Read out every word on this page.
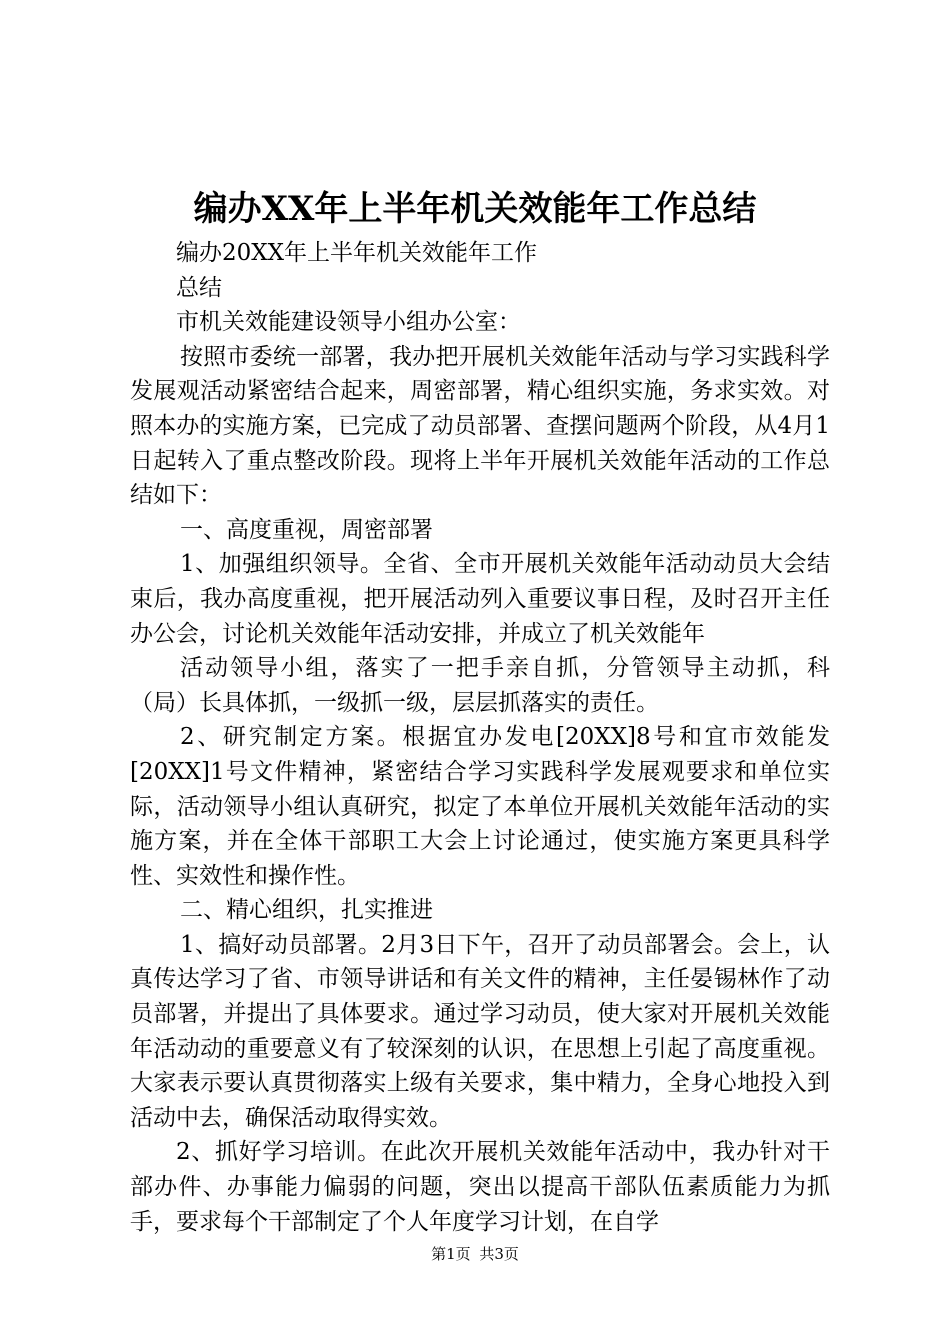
编办XX年上半年机关效能年工作总结

编办20XX年上半年机关效能年工作

总结

市机关效能建设领导小组办公室：

按照市委统一部署，我办把开展机关效能年活动与学习实践科学发展观活动紧密结合起来，周密部署，精心组织实施，务求实效。对照本办的实施方案，已完成了动员部署、查摆问题两个阶段，从4月1日起转入了重点整改阶段。现将上半年开展机关效能年活动的工作总结如下：

一、高度重视，周密部署

1、加强组织领导。全省、全市开展机关效能年活动动员大会结束后，我办高度重视，把开展活动列入重要议事日程，及时召开主任办公会，讨论机关效能年活动安排，并成立了机关效能年

活动领导小组，落实了一把手亲自抓，分管领导主动抓，科（局）长具体抓，一级抓一级，层层抓落实的责任。

2、研究制定方案。根据宜办发电[20XX]8号和宜市效能发[20XX]1号文件精神，紧密结合学习实践科学发展观要求和单位实际，活动领导小组认真研究，拟定了本单位开展机关效能年活动的实施方案，并在全体干部职工大会上讨论通过，使实施方案更具科学性、实效性和操作性。

二、精心组织，扎实推进

1、搞好动员部署。2月3日下午，召开了动员部署会。会上，认真传达学习了省、市领导讲话和有关文件的精神，主任晏锡林作了动员部署，并提出了具体要求。通过学习动员，使大家对开展机关效能年活动动的重要意义有了较深刻的认识，在思想上引起了高度重视。大家表示要认真贯彻落实上级有关要求，集中精力，全身心地投入到活动中去，确保活动取得实效。

2、抓好学习培训。在此次开展机关效能年活动中，我办针对干部办件、办事能力偏弱的问题，突出以提高干部队伍素质能力为抓手，要求每个干部制定了个人年度学习计划，在自学

第1页 共3页
